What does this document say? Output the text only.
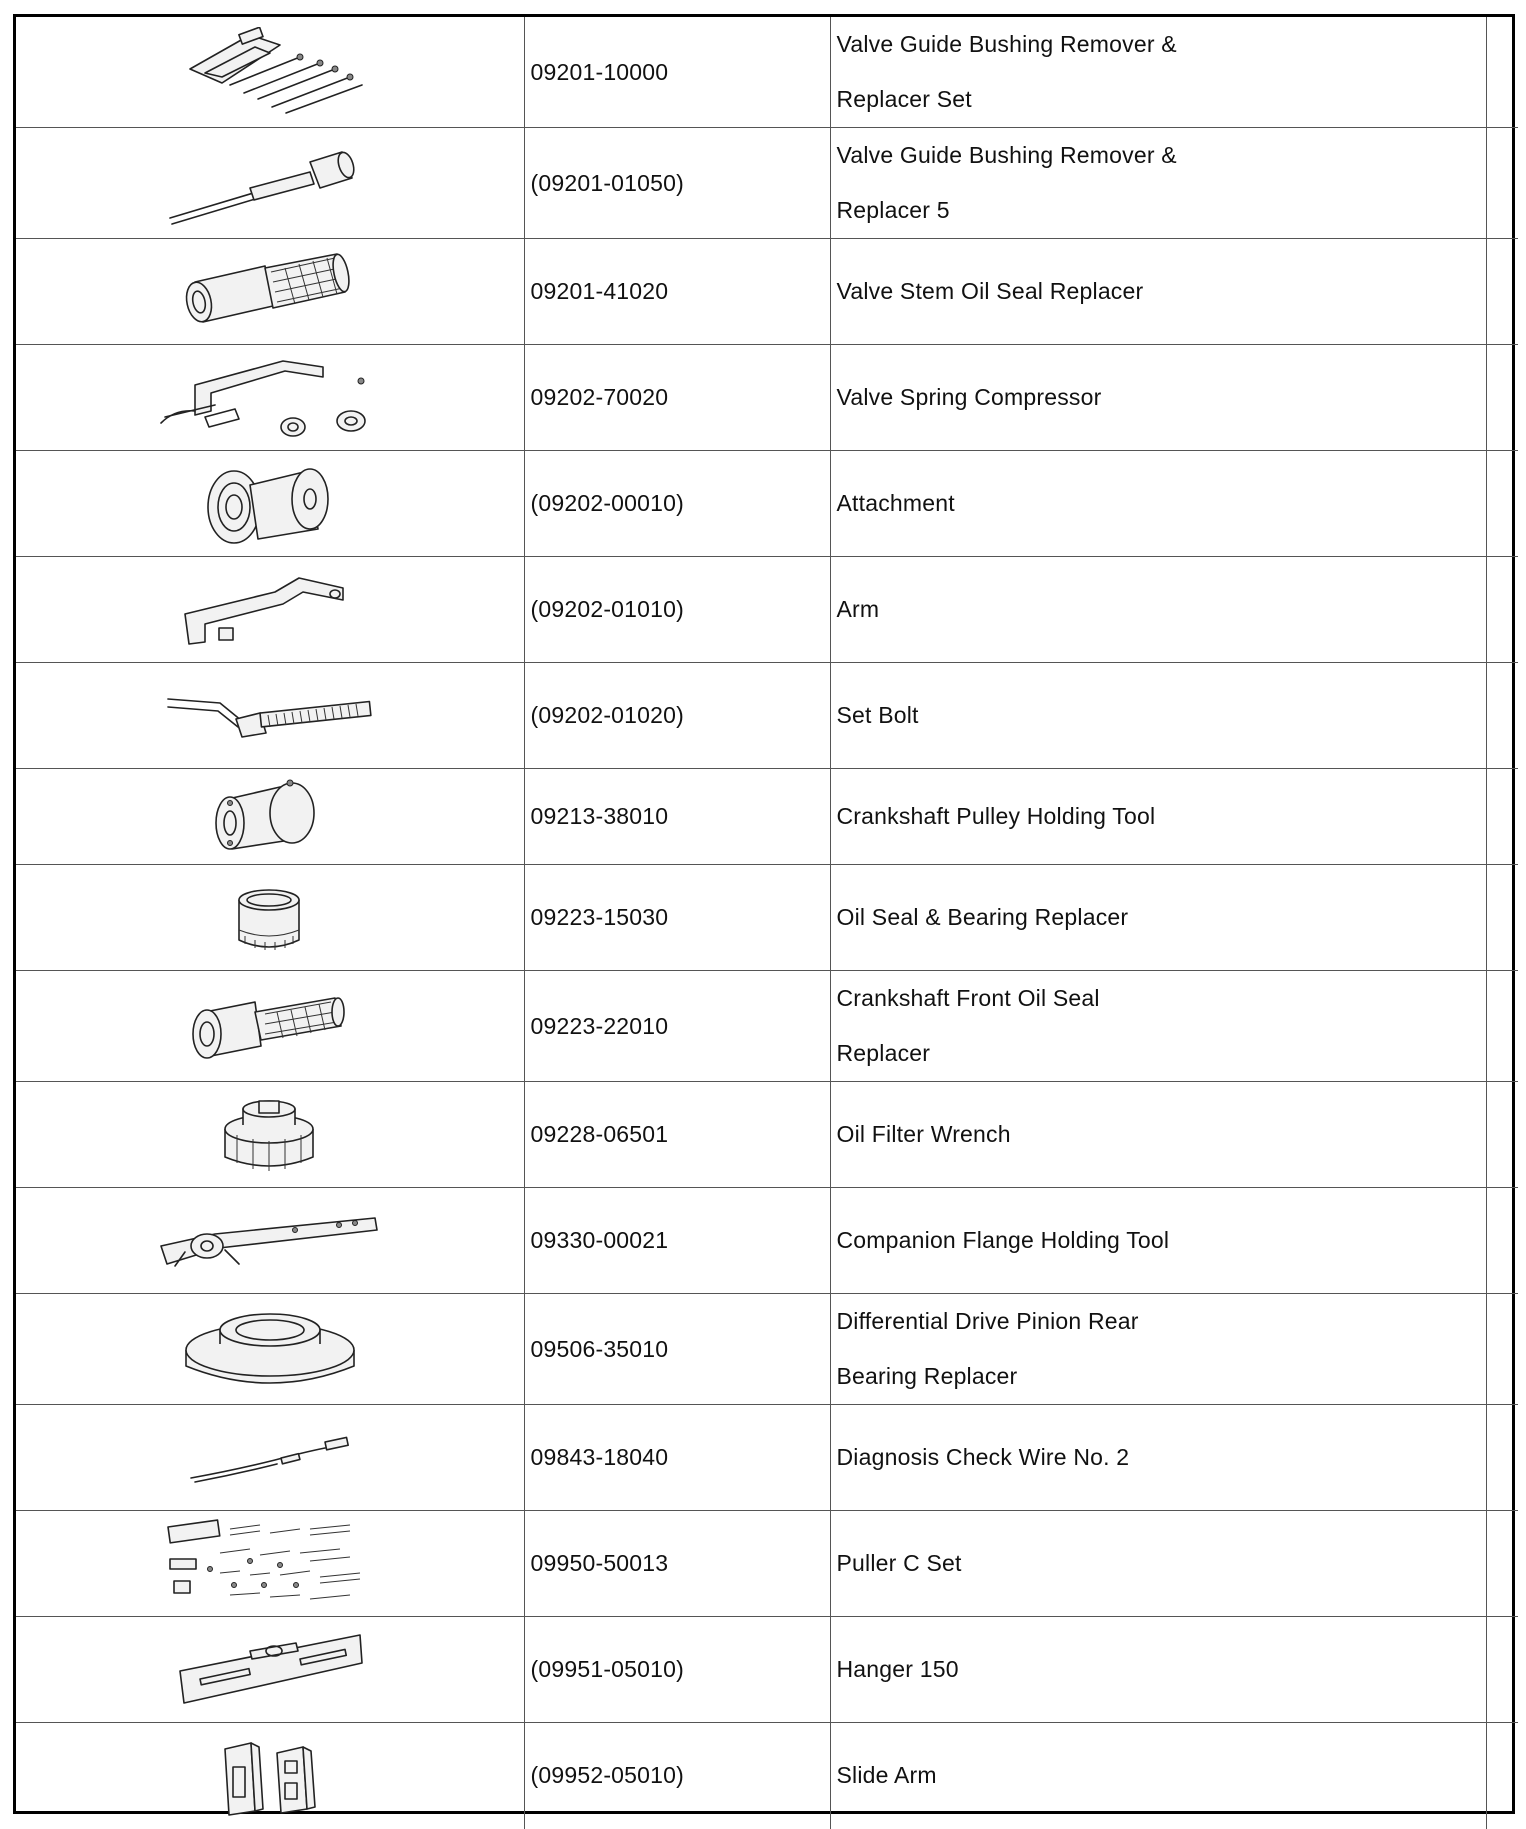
	09201-10000	Valve Guide Bushing Remover &
Replacer Set	

	(09201-01050)	Valve Guide Bushing Remover &
Replacer 5	

	09201-41020	Valve Stem Oil Seal Replacer	

	09202-70020	Valve Spring Compressor	

	(09202-00010)	Attachment	

	(09202-01010)	Arm	

	(09202-01020)	Set Bolt	

	09213-38010	Crankshaft Pulley Holding Tool	

	09223-15030	Oil Seal & Bearing Replacer	

	09223-22010	Crankshaft Front Oil Seal
Replacer	

	09228-06501	Oil Filter Wrench	

	09330-00021	Companion Flange Holding Tool	

	09506-35010	Differential Drive Pinion Rear
Bearing Replacer	

	09843-18040	Diagnosis Check Wire No. 2	

	09950-50013	Puller C Set	

	(09951-05010)	Hanger 150	

	(09952-05010)	Slide Arm	
